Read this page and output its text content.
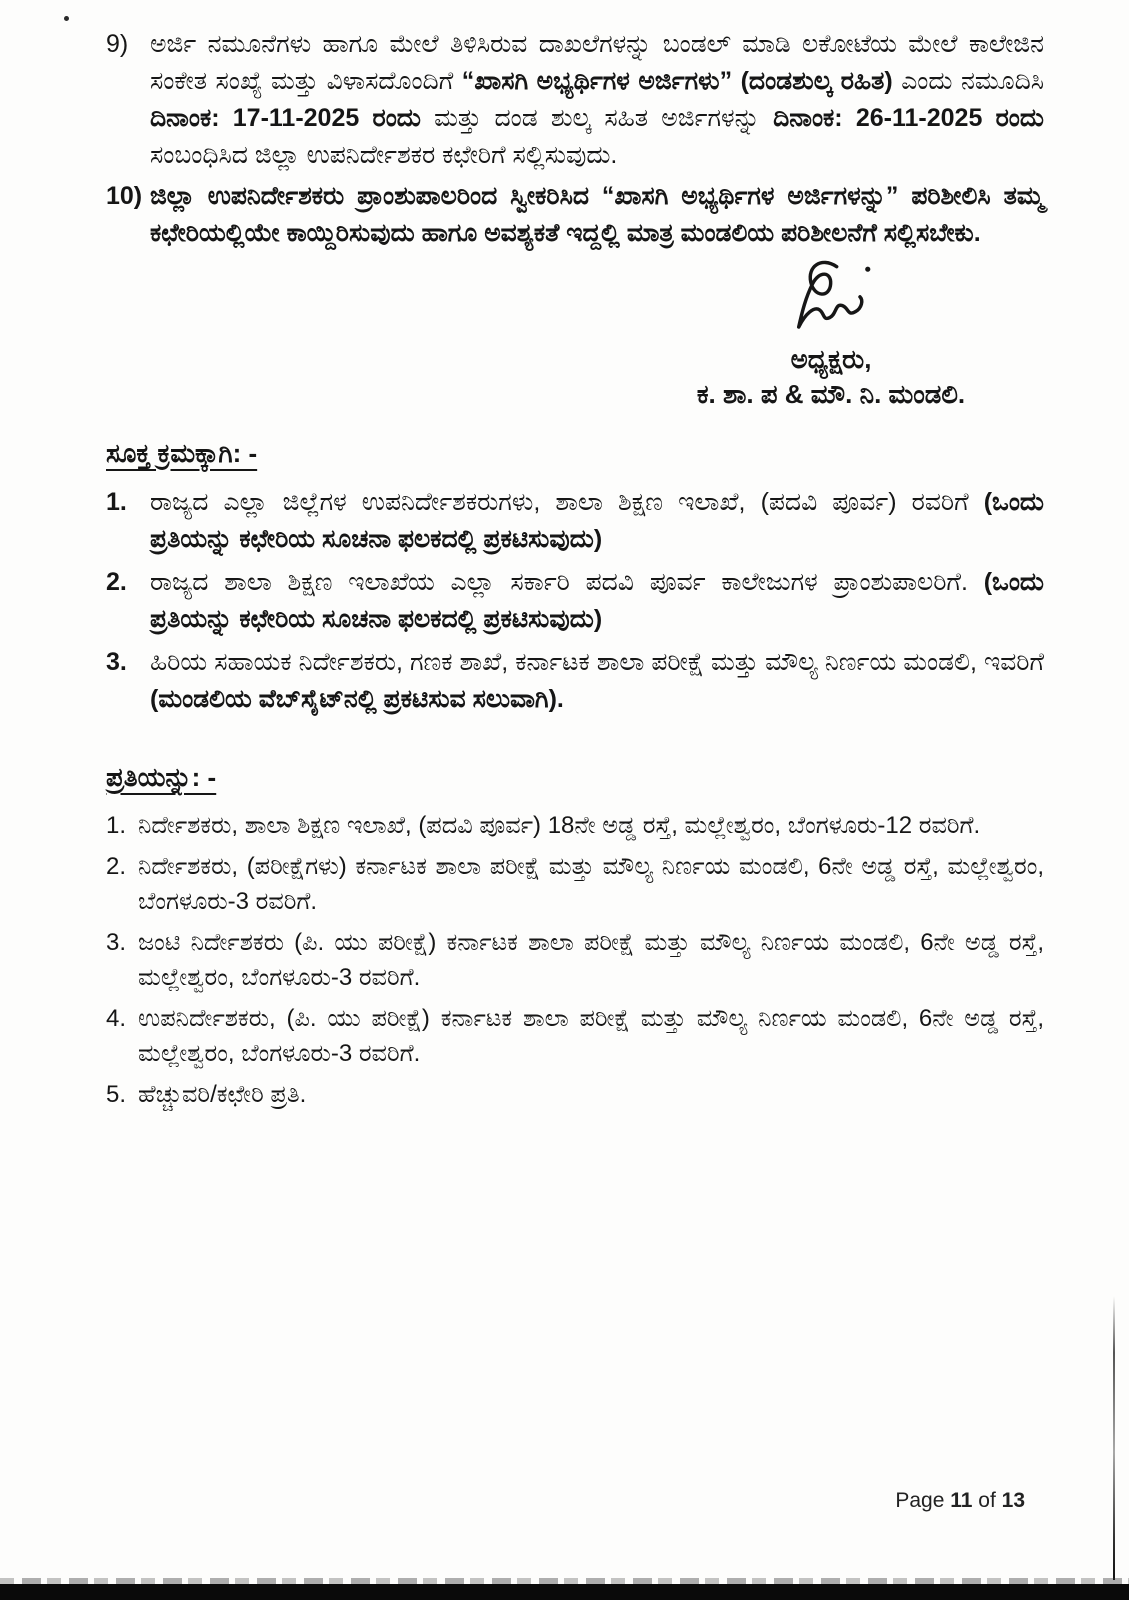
9) ಅರ್ಜಿ ನಮೂನೆಗಳು ಹಾಗೂ ಮೇಲೆ ತಿಳಿಸಿರುವ ದಾಖಲೆಗಳನ್ನು ಬಂಡಲ್ ಮಾಡಿ ಲಕೋಟೆಯ ಮೇಲೆ ಕಾಲೇಜಿನ ಸಂಕೇತ ಸಂಖ್ಯೆ ಮತ್ತು ವಿಳಾಸದೊಂದಿಗೆ “ಖಾಸಗಿ ಅಭ್ಯರ್ಥಿಗಳ ಅರ್ಜಿಗಳು” (ದಂಡಶುಲ್ಕ ರಹಿತ) ಎಂದು ನಮೂದಿಸಿ ದಿನಾಂಕ: 17-11-2025 ರಂದು ಮತ್ತು ದಂಡ ಶುಲ್ಕ ಸಹಿತ ಅರ್ಜಿಗಳನ್ನು ದಿನಾಂಕ: 26-11-2025 ರಂದು ಸಂಬಂಧಿಸಿದ ಜಿಲ್ಲಾ ಉಪನಿರ್ದೇಶಕರ ಕಛೇರಿಗೆ ಸಲ್ಲಿಸುವುದು.
10) ಜಿಲ್ಲಾ ಉಪನಿರ್ದೇಶಕರು ಪ್ರಾಂಶುಪಾಲರಿಂದ ಸ್ವೀಕರಿಸಿದ “ಖಾಸಗಿ ಅಭ್ಯರ್ಥಿಗಳ ಅರ್ಜಿಗಳನ್ನು” ಪರಿಶೀಲಿಸಿ ತಮ್ಮ ಕಛೇರಿಯಲ್ಲಿಯೇ ಕಾಯ್ದಿರಿಸುವುದು ಹಾಗೂ ಅವಶ್ಯಕತೆ ಇದ್ದಲ್ಲಿ ಮಾತ್ರ ಮಂಡಲಿಯ ಪರಿಶೀಲನೆಗೆ ಸಲ್ಲಿಸಬೇಕು.
ಅಧ್ಯಕ್ಷರು,
ಕ. ಶಾ. ಪ & ಮೌ. ನಿ. ಮಂಡಲಿ.
ಸೂಕ್ತ ಕ್ರಮಕ್ಕಾಗಿ: -
1. ರಾಜ್ಯದ ಎಲ್ಲಾ ಜಿಲ್ಲೆಗಳ ಉಪನಿರ್ದೇಶಕರುಗಳು, ಶಾಲಾ ಶಿಕ್ಷಣ ಇಲಾಖೆ, (ಪದವಿ ಪೂರ್ವ) ರವರಿಗೆ (ಒಂದು ಪ್ರತಿಯನ್ನು ಕಛೇರಿಯ ಸೂಚನಾ ಫಲಕದಲ್ಲಿ ಪ್ರಕಟಿಸುವುದು)
2. ರಾಜ್ಯದ ಶಾಲಾ ಶಿಕ್ಷಣ ಇಲಾಖೆಯ ಎಲ್ಲಾ ಸರ್ಕಾರಿ ಪದವಿ ಪೂರ್ವ ಕಾಲೇಜುಗಳ ಪ್ರಾಂಶುಪಾಲರಿಗೆ. (ಒಂದು ಪ್ರತಿಯನ್ನು ಕಛೇರಿಯ ಸೂಚನಾ ಫಲಕದಲ್ಲಿ ಪ್ರಕಟಿಸುವುದು)
3. ಹಿರಿಯ ಸಹಾಯಕ ನಿರ್ದೇಶಕರು, ಗಣಕ ಶಾಖೆ, ಕರ್ನಾಟಕ ಶಾಲಾ ಪರೀಕ್ಷೆ ಮತ್ತು ಮೌಲ್ಯ ನಿರ್ಣಯ ಮಂಡಲಿ, ಇವರಿಗೆ (ಮಂಡಲಿಯ ವೆಬ್‌ಸೈಟ್‌ನಲ್ಲಿ ಪ್ರಕಟಿಸುವ ಸಲುವಾಗಿ).
ಪ್ರತಿಯನ್ನು: -
1. ನಿರ್ದೇಶಕರು, ಶಾಲಾ ಶಿಕ್ಷಣ ಇಲಾಖೆ, (ಪದವಿ ಪೂರ್ವ) 18ನೇ ಅಡ್ಡ ರಸ್ತೆ, ಮಲ್ಲೇಶ್ವರಂ, ಬೆಂಗಳೂರು-12 ರವರಿಗೆ.
2. ನಿರ್ದೇಶಕರು, (ಪರೀಕ್ಷೆಗಳು) ಕರ್ನಾಟಕ ಶಾಲಾ ಪರೀಕ್ಷೆ ಮತ್ತು ಮೌಲ್ಯ ನಿರ್ಣಯ ಮಂಡಲಿ, 6ನೇ ಅಡ್ಡ ರಸ್ತೆ, ಮಲ್ಲೇಶ್ವರಂ, ಬೆಂಗಳೂರು-3 ರವರಿಗೆ.
3. ಜಂಟಿ ನಿರ್ದೇಶಕರು (ಪಿ. ಯು ಪರೀಕ್ಷೆ) ಕರ್ನಾಟಕ ಶಾಲಾ ಪರೀಕ್ಷೆ ಮತ್ತು ಮೌಲ್ಯ ನಿರ್ಣಯ ಮಂಡಲಿ, 6ನೇ ಅಡ್ಡ ರಸ್ತೆ, ಮಲ್ಲೇಶ್ವರಂ, ಬೆಂಗಳೂರು-3 ರವರಿಗೆ.
4. ಉಪನಿರ್ದೇಶಕರು, (ಪಿ. ಯು ಪರೀಕ್ಷೆ) ಕರ್ನಾಟಕ ಶಾಲಾ ಪರೀಕ್ಷೆ ಮತ್ತು ಮೌಲ್ಯ ನಿರ್ಣಯ ಮಂಡಲಿ, 6ನೇ ಅಡ್ಡ ರಸ್ತೆ, ಮಲ್ಲೇಶ್ವರಂ, ಬೆಂಗಳೂರು-3 ರವರಿಗೆ.
5. ಹೆಚ್ಚುವರಿ/ಕಛೇರಿ ಪ್ರತಿ.
Page 11 of 13
